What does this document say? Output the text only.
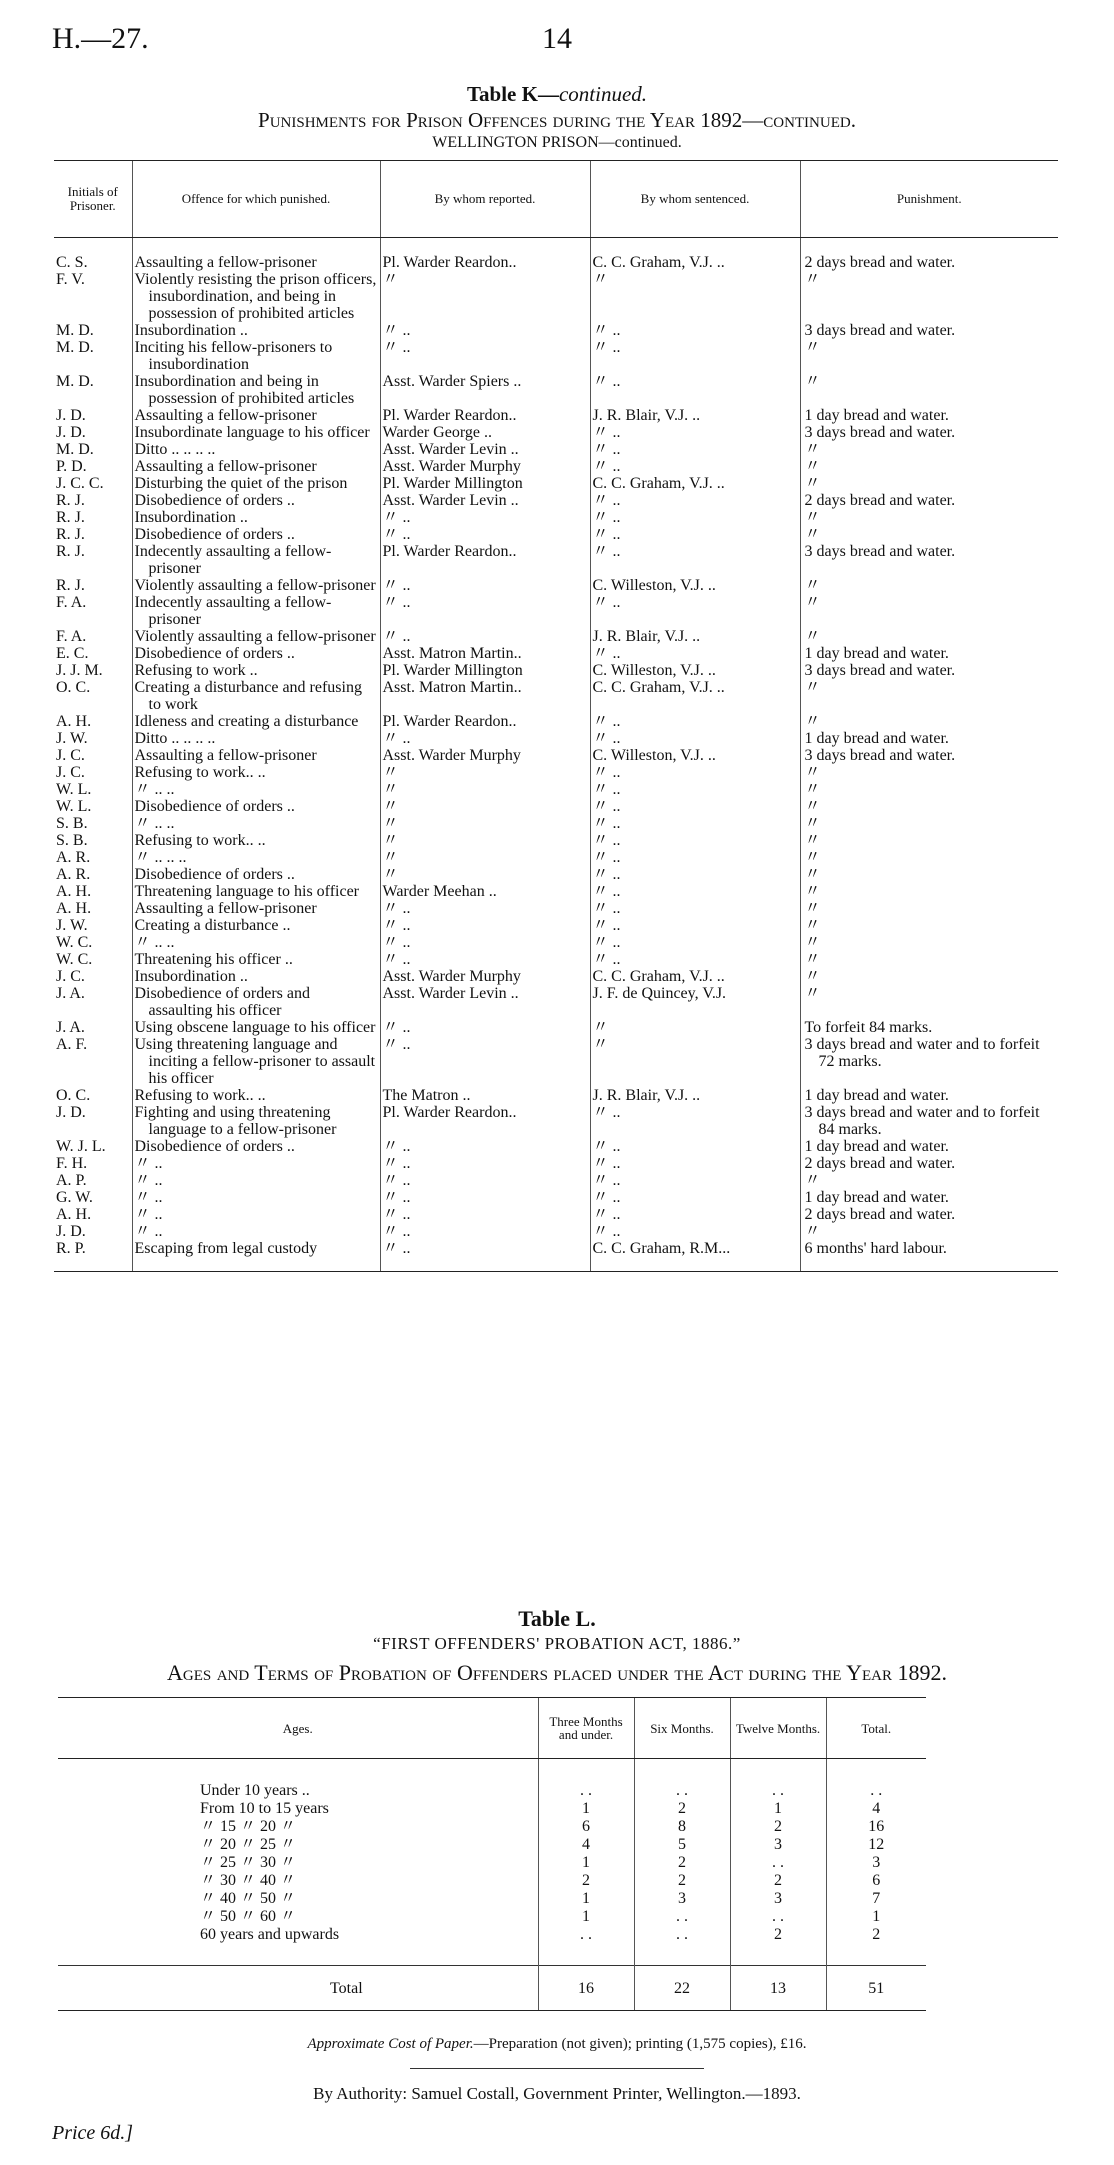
H.—27.	14
Table K—continued.
Punishments for Prison Offences during the Year 1892—continued.
WELLINGTON PRISON—continued.
Initials of Prisoner.	Offence for which punished.	By whom reported.	By whom sentenced.	Punishment.

C. S.	Assaulting a fellow-prisoner	Pl. Warder Reardon..	C. C. Graham, V.J. ..	2 days bread and water.
F. V.	Violently resisting the prison officers, insubordination, and being in possession of prohibited articles	〃	〃	〃
M. D.	Insubordination ..	〃 ..	〃 ..	3 days bread and water.
M. D.	Inciting his fellow-prisoners to insubordination	〃 ..	〃 ..	〃
M. D.	Insubordination and being in possession of prohibited articles	Asst. Warder Spiers ..	〃 ..	〃
J. D.	Assaulting a fellow-prisoner	Pl. Warder Reardon..	J. R. Blair, V.J. ..	1 day bread and water.
J. D.	Insubordinate language to his officer	Warder George ..	〃 ..	3 days bread and water.
M. D.	Ditto .. .. .. ..	Asst. Warder Levin ..	〃 ..	〃
P. D.	Assaulting a fellow-prisoner	Asst. Warder Murphy	〃 ..	〃
J. C. C.	Disturbing the quiet of the prison	Pl. Warder Millington	C. C. Graham, V.J. ..	〃
R. J.	Disobedience of orders ..	Asst. Warder Levin ..	〃 ..	2 days bread and water.
R. J.	Insubordination ..	〃 ..	〃 ..	〃
R. J.	Disobedience of orders ..	〃 ..	〃 ..	〃
R. J.	Indecently assaulting a fellow-prisoner	Pl. Warder Reardon..	〃 ..	3 days bread and water.
R. J.	Violently assaulting a fellow-prisoner	〃 ..	C. Willeston, V.J. ..	〃
F. A.	Indecently assaulting a fellow-prisoner	〃 ..	〃 ..	〃
F. A.	Violently assaulting a fellow-prisoner	〃 ..	J. R. Blair, V.J. ..	〃
E. C.	Disobedience of orders ..	Asst. Matron Martin..	〃 ..	1 day bread and water.
J. J. M.	Refusing to work ..	Pl. Warder Millington	C. Willeston, V.J. ..	3 days bread and water.
O. C.	Creating a disturbance and refusing to work	Asst. Matron Martin..	C. C. Graham, V.J. ..	〃
A. H.	Idleness and creating a disturbance	Pl. Warder Reardon..	〃 ..	〃
J. W.	Ditto .. .. .. ..	〃 ..	〃 ..	1 day bread and water.
J. C.	Assaulting a fellow-prisoner	Asst. Warder Murphy	C. Willeston, V.J. ..	3 days bread and water.
J. C.	Refusing to work.. ..	〃	〃 ..	〃
W. L.	〃 .. ..	〃	〃 ..	〃
W. L.	Disobedience of orders ..	〃	〃 ..	〃
S. B.	〃 .. ..	〃	〃 ..	〃
S. B.	Refusing to work.. ..	〃	〃 ..	〃
A. R.	〃 .. .. ..	〃	〃 ..	〃
A. R.	Disobedience of orders ..	〃	〃 ..	〃
A. H.	Threatening language to his officer	Warder Meehan ..	〃 ..	〃
A. H.	Assaulting a fellow-prisoner	〃 ..	〃 ..	〃
J. W.	Creating a disturbance ..	〃 ..	〃 ..	〃
W. C.	〃 .. ..	〃 ..	〃 ..	〃
W. C.	Threatening his officer ..	〃 ..	〃 ..	〃
J. C.	Insubordination ..	Asst. Warder Murphy	C. C. Graham, V.J. ..	〃
J. A.	Disobedience of orders and assaulting his officer	Asst. Warder Levin ..	J. F. de Quincey, V.J.	〃
J. A.	Using obscene language to his officer	〃 ..	〃	To forfeit 84 marks.
A. F.	Using threatening language and inciting a fellow-prisoner to assault his officer	〃 ..	〃	3 days bread and water and to forfeit 72 marks.
O. C.	Refusing to work.. ..	The Matron ..	J. R. Blair, V.J. ..	1 day bread and water.
J. D.	Fighting and using threatening language to a fellow-prisoner	Pl. Warder Reardon..	〃 ..	3 days bread and water and to forfeit 84 marks.
W. J. L.	Disobedience of orders ..	〃 ..	〃 ..	1 day bread and water.
F. H.	〃 ..	〃 ..	〃 ..	2 days bread and water.
A. P.	〃 ..	〃 ..	〃 ..	〃
G. W.	〃 ..	〃 ..	〃 ..	1 day bread and water.
A. H.	〃 ..	〃 ..	〃 ..	2 days bread and water.
J. D.	〃 ..	〃 ..	〃 ..	〃
R. P.	Escaping from legal custody	〃 ..	C. C. Graham, R.M...	6 months' hard labour.
Table L.
“FIRST OFFENDERS' PROBATION ACT, 1886.”
Ages and Terms of Probation of Offenders placed under the Act during the Year 1892.
Ages.	Three Months and under.	Six Months.	Twelve Months.	Total.

Under 10 years ..	. .	. .	. .	. .
From 10 to 15 years	1	2	1	4
〃 15 〃 20 〃	6	8	2	16
〃 20 〃 25 〃	4	5	3	12
〃 25 〃 30 〃	1	2	. .	3
〃 30 〃 40 〃	2	2	2	6
〃 40 〃 50 〃	1	3	3	7
〃 50 〃 60 〃	1	. .	. .	1
60 years and upwards	. .	. .	2	2

Total	16	22	13	51
Approximate Cost of Paper.—Preparation (not given); printing (1,575 copies), £16.
By Authority: Samuel Costall, Government Printer, Wellington.—1893.
Price 6d.]
